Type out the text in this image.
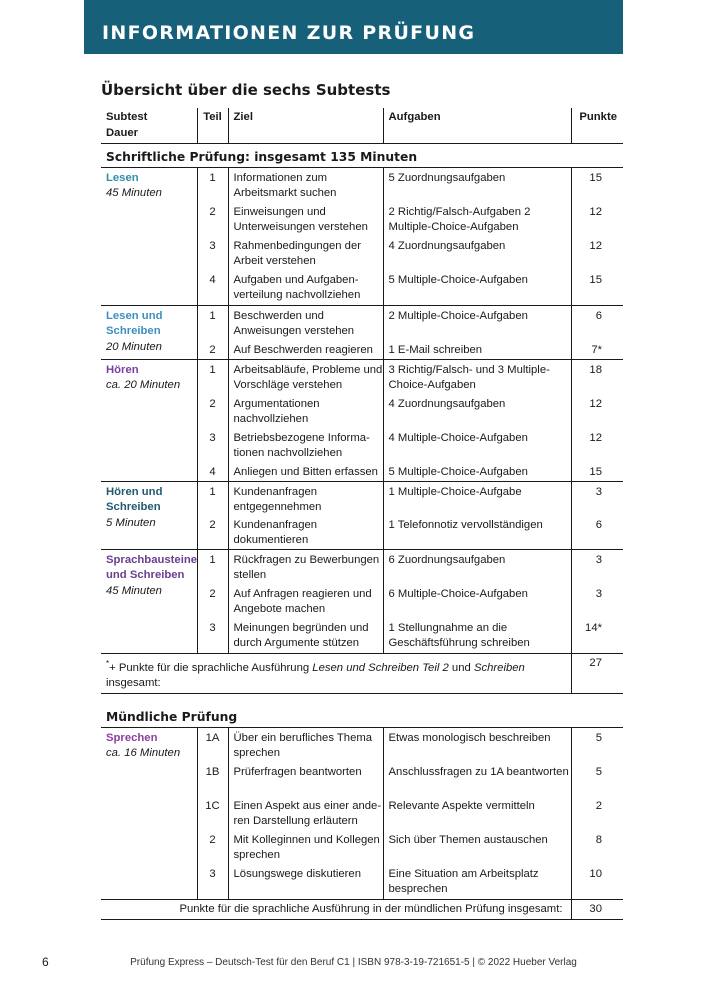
INFORMATIONEN ZUR PRÜFUNG
Übersicht über die sechs Subtests
Subtest
Dauer	Teil	Ziel	Aufgaben	Punkte
Schriftliche Prüfung: insgesamt 135 Minuten				

Lesen
45 Minuten	1	Informationen zum Arbeitsmarkt suchen	5 Zuordnungsaufgaben	15
	2	Einweisungen und Unterweisungen verstehen	2 Richtig/Falsch-Aufgaben 2 Multiple-Choice-Aufgaben	12
	3	Rahmenbedingungen der Arbeit verstehen	4 Zuordnungsaufgaben	12
	4	Aufgaben und Aufgaben-verteilung nachvollziehen	5 Multiple-Choice-Aufgaben	15

Lesen und Schreiben
20 Minuten	1	Beschwerden und Anweisungen verstehen	2 Multiple-Choice-Aufgaben	6
	2	Auf Beschwerden reagieren	1 E-Mail schreiben	7*

Hören
ca. 20 Minuten	1	Arbeitsabläufe, Probleme und Vorschläge verstehen	3 Richtig/Falsch- und 3 Multiple-Choice-Aufgaben	18
	2	Argumentationen nachvollziehen	4 Zuordnungsaufgaben	12
	3	Betriebsbezogene Informa-tionen nachvollziehen	4 Multiple-Choice-Aufgaben	12
	4	Anliegen und Bitten erfassen	5 Multiple-Choice-Aufgaben	15

Hören und Schreiben
5 Minuten	1	Kundenanfragen entgegennehmen	1 Multiple-Choice-Aufgabe	3
	2	Kundenanfragen dokumentieren	1 Telefonnotiz vervollständigen	6

Sprachbausteine und Schreiben
45 Minuten	1	Rückfragen zu Bewerbungen stellen	6 Zuordnungsaufgaben	3
	2	Auf Anfragen reagieren und Angebote machen	6 Multiple-Choice-Aufgaben	3
	3	Meinungen begründen und durch Argumente stützen	1 Stellungnahme an die Geschäftsführung schreiben	14*
*+ Punkte für die sprachliche Ausführung Lesen und Schreiben Teil 2 und Schreiben insgesamt:				27

Mündliche Prüfung				

Sprechen
ca. 16 Minuten	1A	Über ein berufliches Thema sprechen	Etwas monologisch beschreiben	5
	1B	Prüferfragen beantworten	Anschlussfragen zu 1A beantworten	5
	1C	Einen Aspekt aus einer ande-ren Darstellung erläutern	Relevante Aspekte vermitteln	2
	2	Mit Kolleginnen und Kollegen sprechen	Sich über Themen austauschen	8
	3	Lösungswege diskutieren	Eine Situation am Arbeitsplatz besprechen	10
Punkte für die sprachliche Ausführung in der mündlichen Prüfung insgesamt:				30
6	Prüfung Express – Deutsch-Test für den Beruf C1 | ISBN 978-3-19-721651-5 | © 2022 Hueber Verlag
